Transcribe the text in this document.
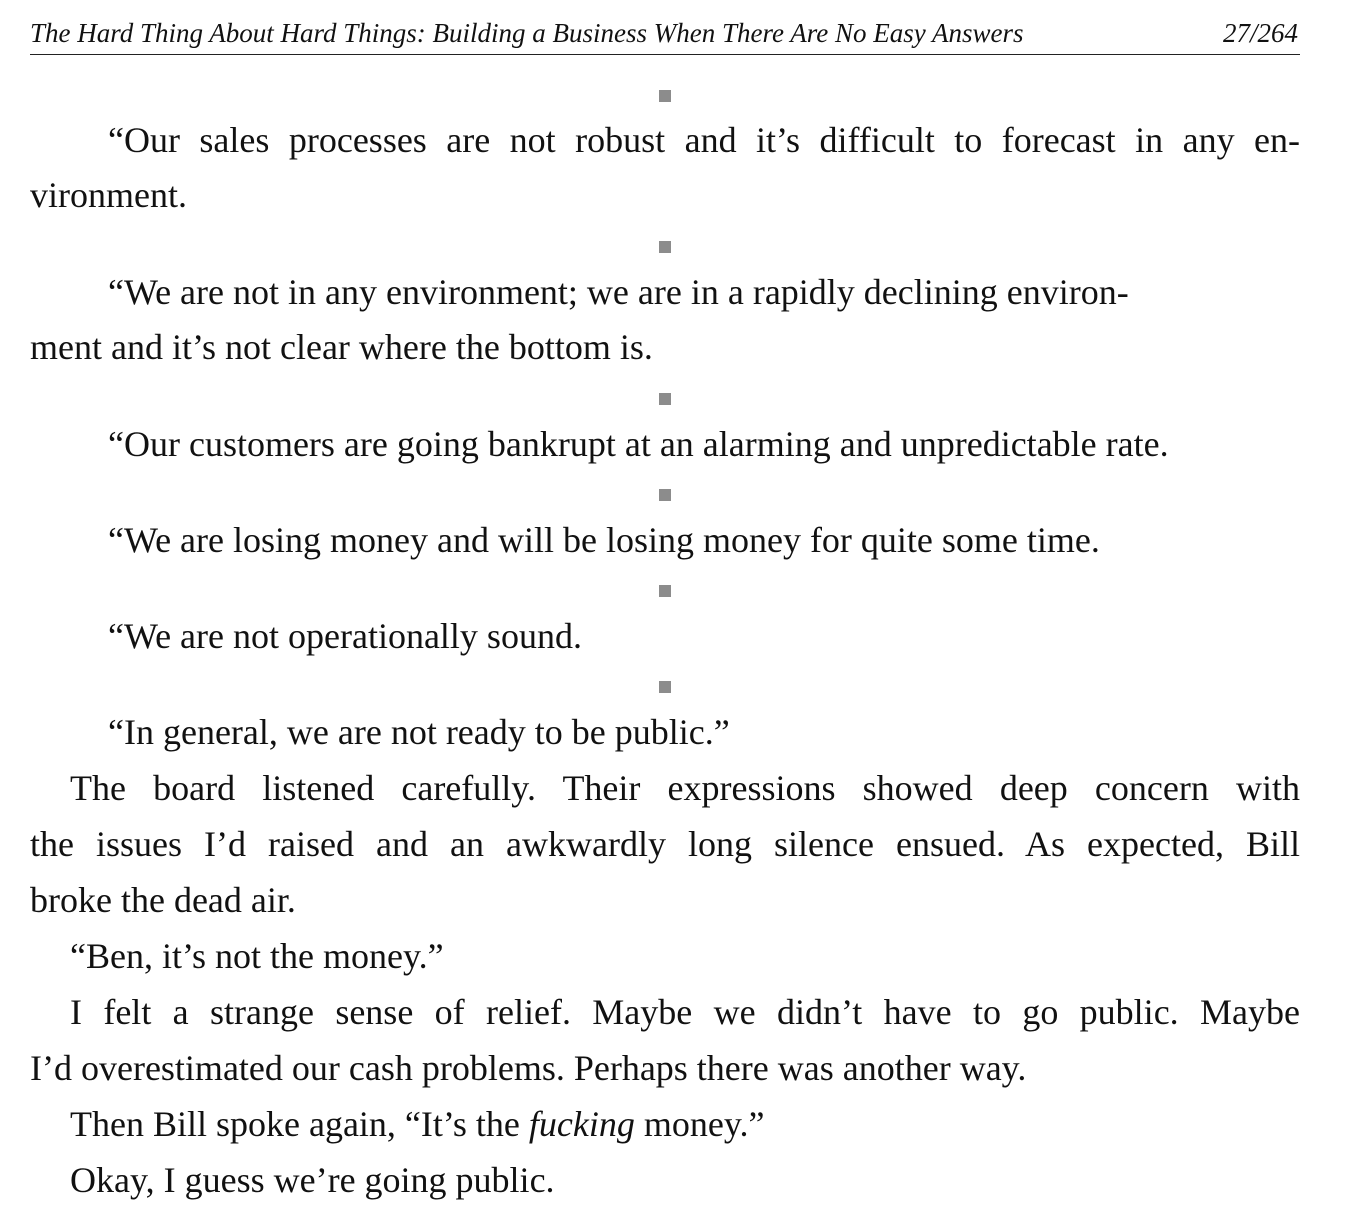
The Hard Thing About Hard Things: Building a Business When There Are No Easy Answers	27/264
“Our sales processes are not robust and it’s difficult to forecast in any en-
vironment.
“We are not in any environment; we are in a rapidly declining environ-
ment and it’s not clear where the bottom is.
“Our customers are going bankrupt at an alarming and unpredictable rate.
“We are losing money and will be losing money for quite some time.
“We are not operationally sound.
“In general, we are not ready to be public.”
The board listened carefully. Their expressions showed deep concern with
the issues I’d raised and an awkwardly long silence ensued. As expected, Bill
broke the dead air.
“Ben, it’s not the money.”
I felt a strange sense of relief. Maybe we didn’t have to go public. Maybe
I’d overestimated our cash problems. Perhaps there was another way.
Then Bill spoke again, “It’s the fucking money.”
Okay, I guess we’re going public.
